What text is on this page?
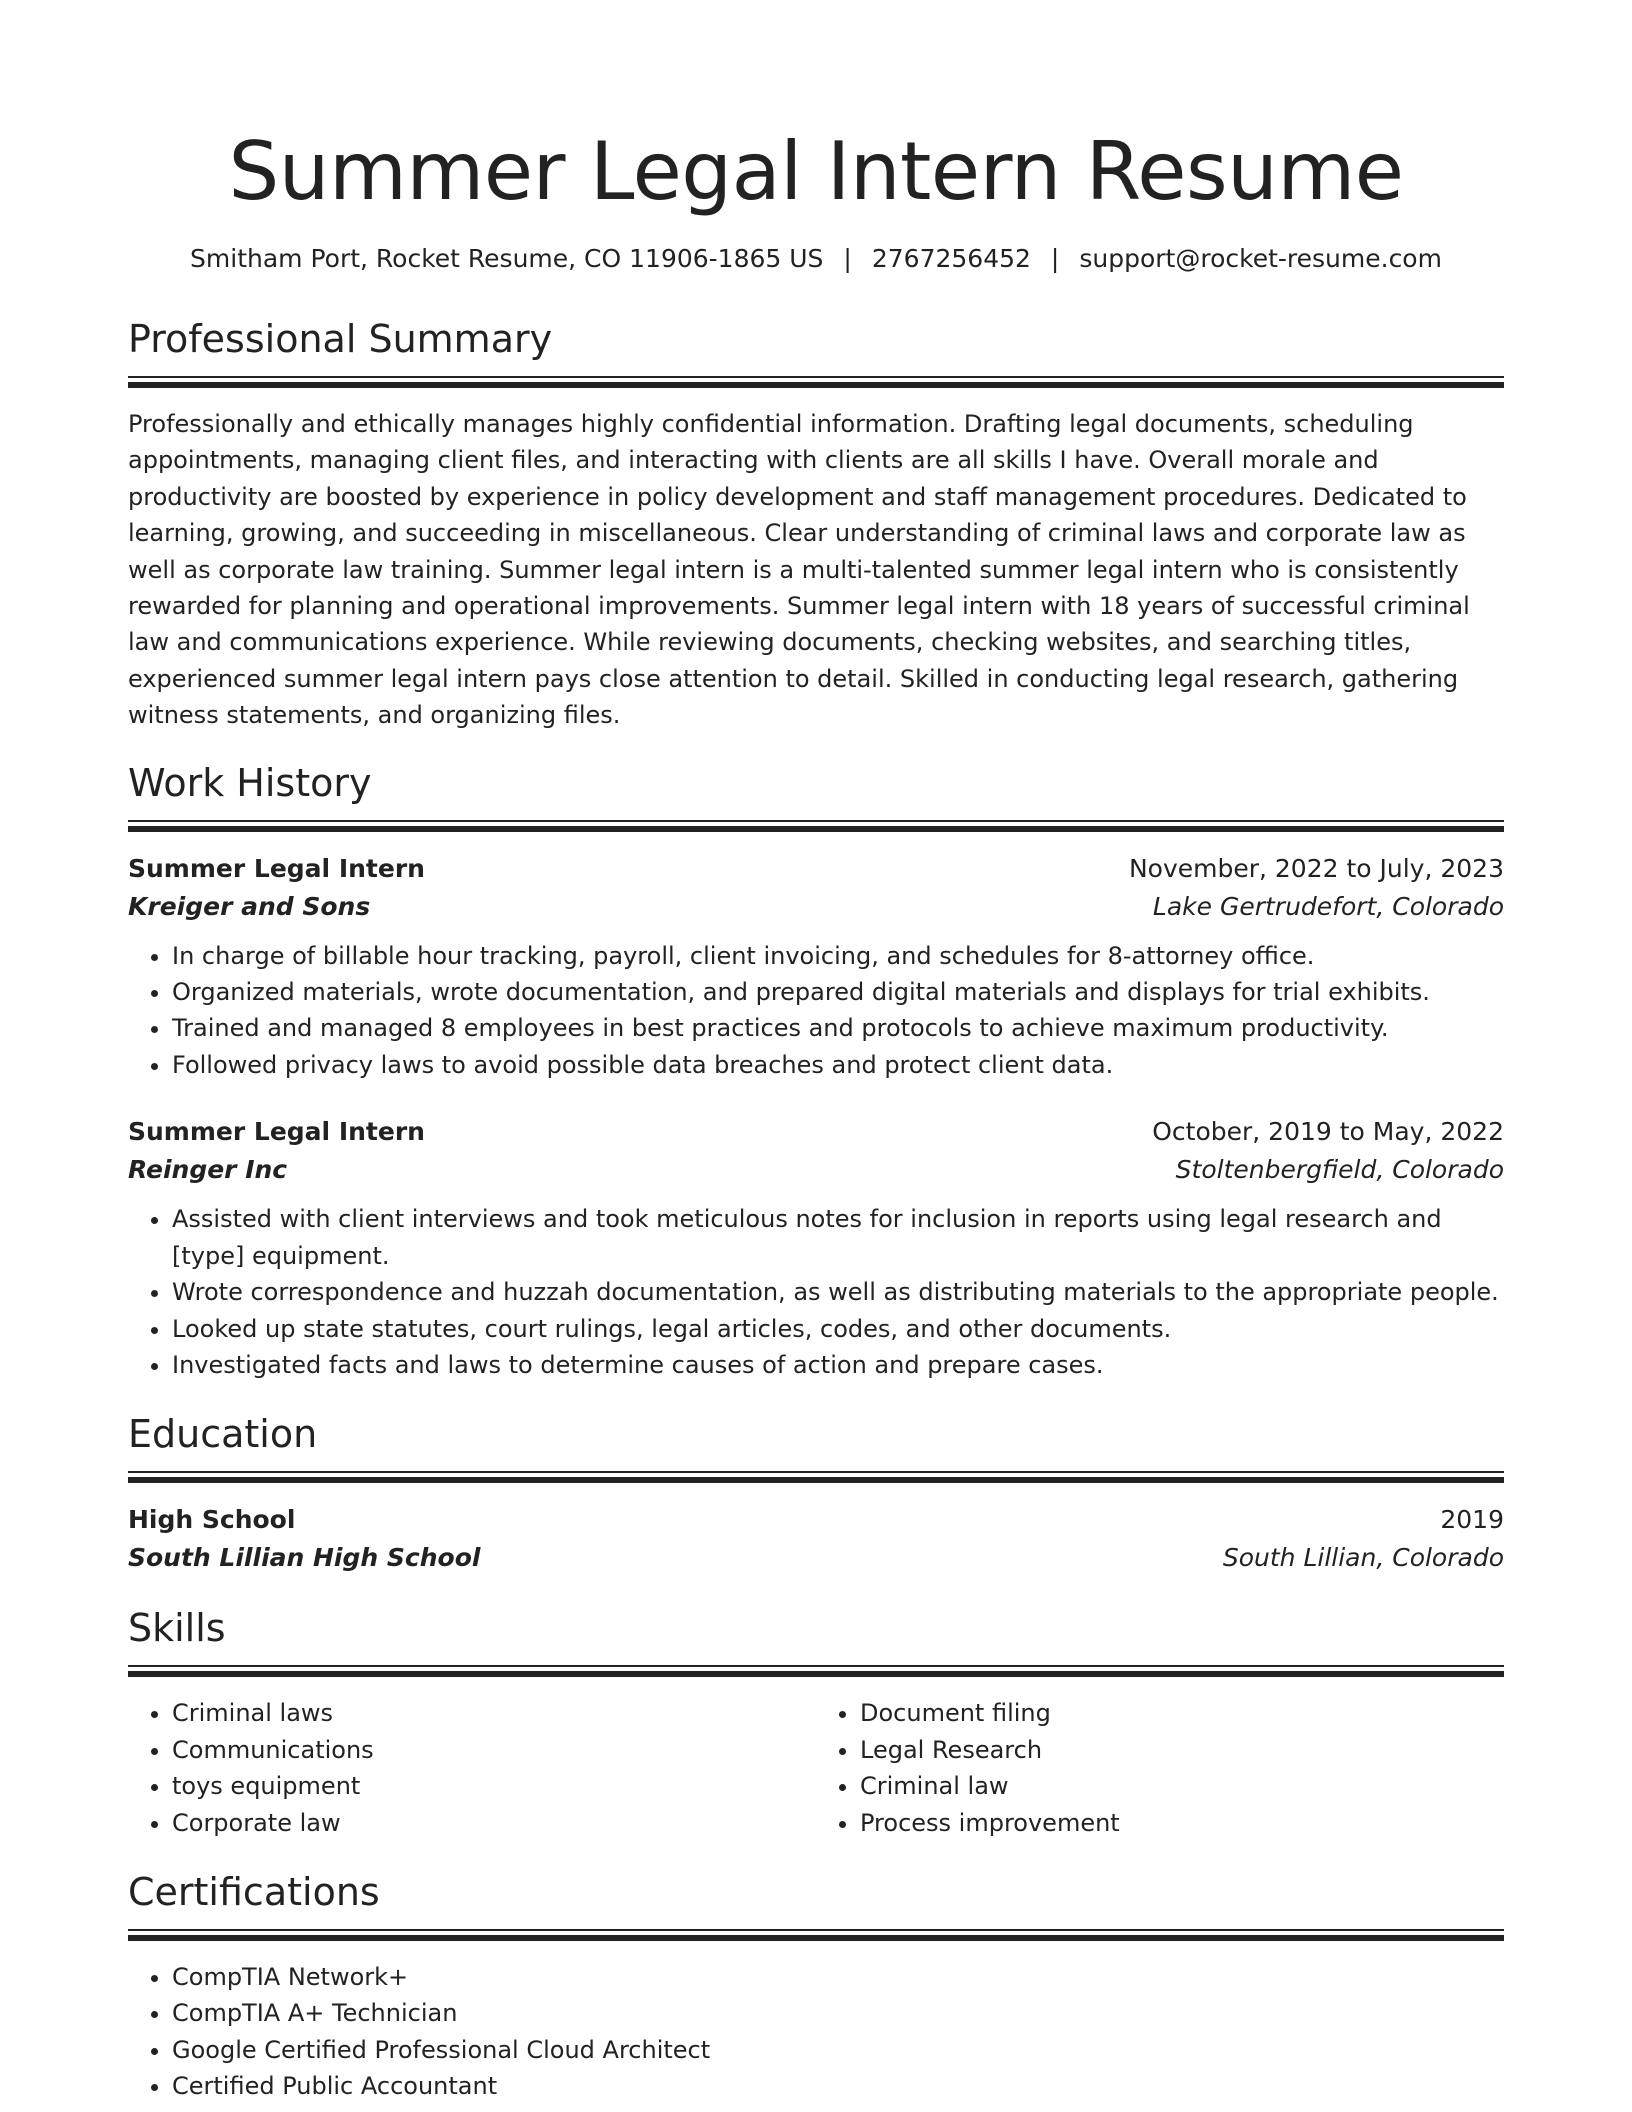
Summer Legal Intern Resume
Smitham Port, Rocket Resume, CO 11906-1865 US | 2767256452 | support@rocket-resume.com
Professional Summary

Professionally and ethically manages highly confidential information. Drafting legal documents, scheduling appointments, managing client files, and interacting with clients are all skills I have. Overall morale and productivity are boosted by experience in policy development and staff management procedures. Dedicated to learning, growing, and succeeding in miscellaneous. Clear understanding of criminal laws and corporate law as well as corporate law training. Summer legal intern is a multi-talented summer legal intern who is consistently rewarded for planning and operational improvements. Summer legal intern with 18 years of successful criminal law and communications experience. While reviewing documents, checking websites, and searching titles, experienced summer legal intern pays close attention to detail. Skilled in conducting legal research, gathering witness statements, and organizing files.

Work History
Summer Legal Intern	November, 2022 to July, 2023
Kreiger and Sons	Lake Gertrudefort, Colorado
• In charge of billable hour tracking, payroll, client invoicing, and schedules for 8-attorney office.
• Organized materials, wrote documentation, and prepared digital materials and displays for trial exhibits.
• Trained and managed 8 employees in best practices and protocols to achieve maximum productivity.
• Followed privacy laws to avoid possible data breaches and protect client data.
Summer Legal Intern	October, 2019 to May, 2022
Reinger Inc	Stoltenbergfield, Colorado
• Assisted with client interviews and took meticulous notes for inclusion in reports using legal research and [type] equipment.
• Wrote correspondence and huzzah documentation, as well as distributing materials to the appropriate people.
• Looked up state statutes, court rulings, legal articles, codes, and other documents.
• Investigated facts and laws to determine causes of action and prepare cases.
Education
High School	2019
South Lillian High School	South Lillian, Colorado
Skills
• Criminal laws
• Communications
• toys equipment
• Corporate law
• Document filing
• Legal Research
• Criminal law
• Process improvement
Certifications
• CompTIA Network+
• CompTIA A+ Technician
• Google Certified Professional Cloud Architect
• Certified Public Accountant
